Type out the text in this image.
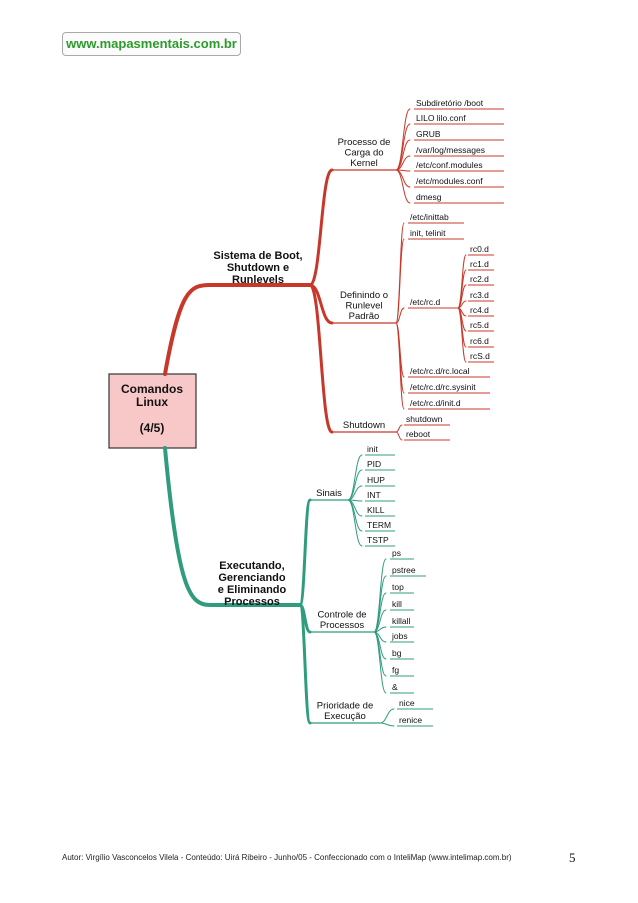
www.mapasmentais.com.br
Comandos
Linux
(4/5)
Sistema de Boot,
Shutdown e
Runlevels
Executando,
Gerenciando
e Eliminando
Processos
Processo de
Carga do
Kernel
Definindo o
Runlevel
Padrão
Shutdown
Subdiretório /boot
LILO lilo.conf
GRUB
/var/log/messages
/etc/conf.modules
/etc/modules.conf
dmesg
/etc/inittab
init, telinit
/etc/rc.d
rc0.d
rc1.d
rc2.d
rc3.d
rc4.d
rc5.d
rc6.d
rcS.d
/etc/rc.d/rc.local
/etc/rc.d/rc.sysinit
/etc/rc.d/init.d
shutdown
reboot
Sinais
Controle de
Processos
Prioridade de
Execução
init
PID
HUP
INT
KILL
TERM
TSTP
ps
pstree
top
kill
killall
jobs
bg
fg
&
nice
renice
Autor: Virgílio Vasconcelos Vilela - Conteúdo: Uirá Ribeiro - Junho/05 - Confeccionado com o InteliMap (www.intelimap.com.br)	5
